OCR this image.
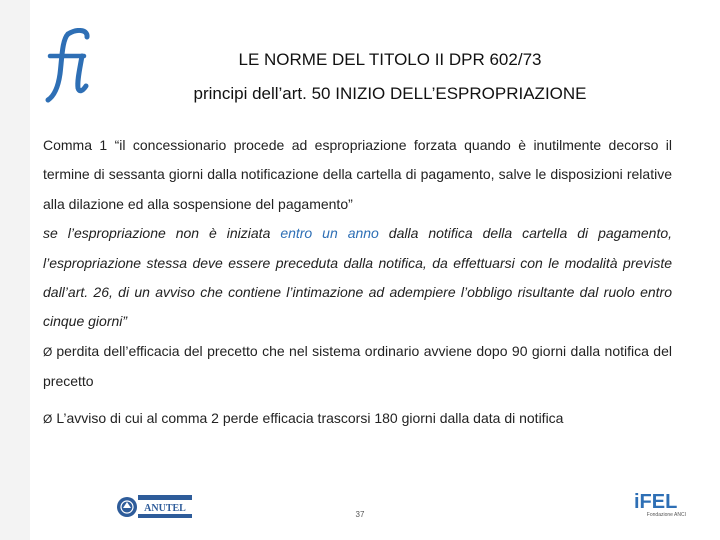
LE NORME DEL TITOLO II DPR 602/73
principi dell’art. 50 INIZIO DELL’ESPROPRIAZIONE

Comma 1 “il concessionario procede ad espropriazione forzata quando è inutilmente decorso il termine di sessanta giorni dalla notificazione della cartella di pagamento, salve le disposizioni relative alla dilazione ed alla sospensione del pagamento”

se l’espropriazione non è iniziata entro un anno dalla notifica della cartella di pagamento, l’espropriazione stessa deve essere preceduta dalla notifica, da effettuarsi con le modalità previste dall’art. 26, di un avviso che contiene l’intimazione ad adempiere l’obbligo risultante dal ruolo entro cinque giorni”

Ø perdita dell’efficacia del precetto che nel sistema ordinario avviene dopo 90 giorni dalla notifica del precetto

Ø L’avviso di cui al comma 2 perde efficacia trascorsi 180 giorni dalla data di notifica

ANUTEL
37
iFEL
Fondazione ANCI
